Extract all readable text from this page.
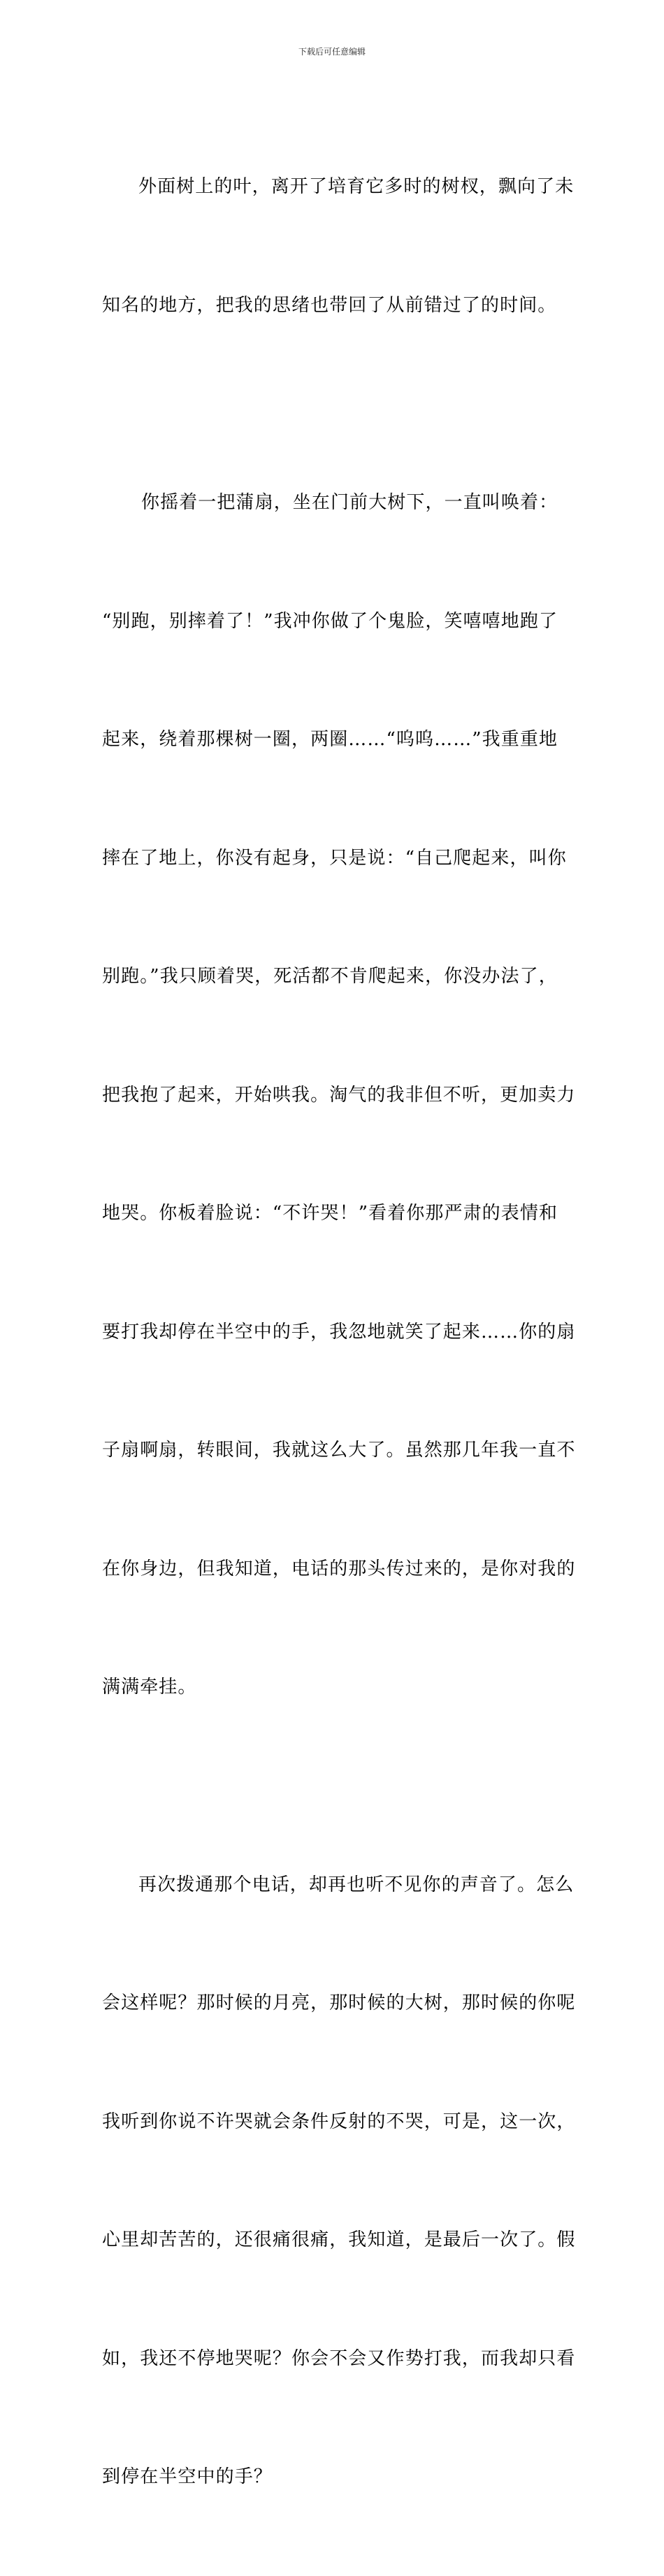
下载后可任意编辑

外面树上的叶，离开了培育它多时的树杈，飘向了未

知名的地方，把我的思绪也带回了从前错过了的时间。

你摇着一把蒲扇，坐在门前大树下，一直叫唤着：

“别跑，别摔着了！”我冲你做了个鬼脸，笑嘻嘻地跑了

起来，绕着那棵树一圈，两圈……“呜呜……”我重重地

摔在了地上，你没有起身，只是说：“自己爬起来，叫你

别跑。”我只顾着哭，死活都不肯爬起来，你没办法了，

把我抱了起来，开始哄我。淘气的我非但不听，更加卖力

地哭。你板着脸说：“不许哭！”看着你那严肃的表情和

要打我却停在半空中的手，我忽地就笑了起来……你的扇

子扇啊扇，转眼间，我就这么大了。虽然那几年我一直不

在你身边，但我知道，电话的那头传过来的，是你对我的

满满牵挂。

再次拨通那个电话，却再也听不见你的声音了。怎么

会这样呢？那时候的月亮，那时候的大树，那时候的你呢

我听到你说不许哭就会条件反射的不哭，可是，这一次，

心里却苦苦的，还很痛很痛，我知道，是最后一次了。假

如，我还不停地哭呢？你会不会又作势打我，而我却只看

到停在半空中的手？
